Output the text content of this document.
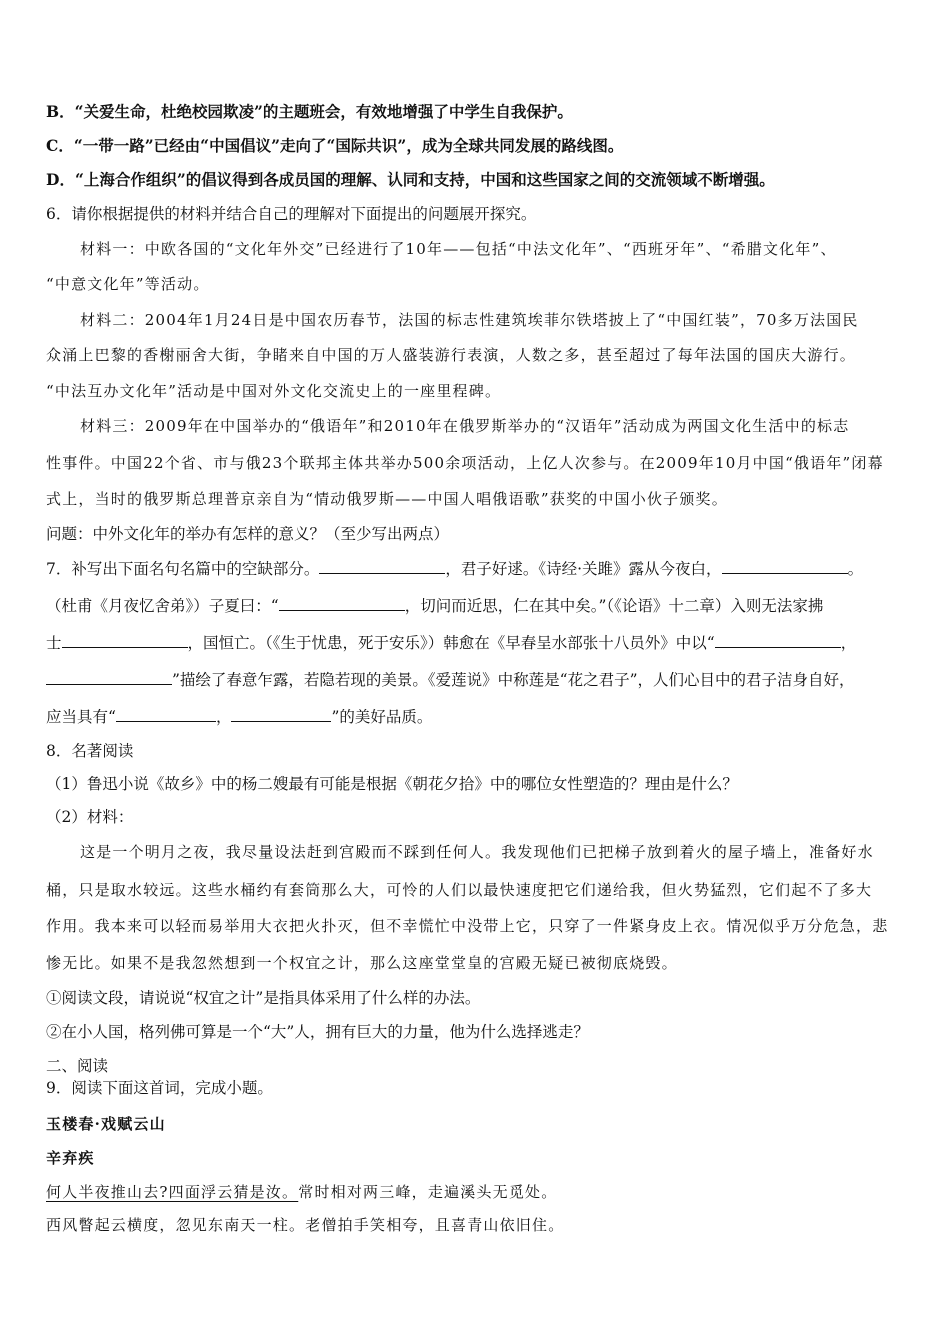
B．“关爱生命，杜绝校园欺凌”的主题班会，有效地增强了中学生自我保护。
C．“一带一路”已经由“中国倡议”走向了“国际共识”，成为全球共同发展的路线图。
D．“上海合作组织”的倡议得到各成员国的理解、认同和支持，中国和这些国家之间的交流领域不断增强。
6．请你根据提供的材料并结合自己的理解对下面提出的问题展开探究。
材料一：中欧各国的“文化年外交”已经进行了10年——包括“中法文化年”、“西班牙年”、“希腊文化年”、
“中意文化年”等活动。
材料二：2004年1月24日是中国农历春节，法国的标志性建筑埃菲尔铁塔披上了“中国红装”，70多万法国民
众涌上巴黎的香榭丽舍大街，争睹来自中国的万人盛装游行表演，人数之多，甚至超过了每年法国的国庆大游行。
“中法互办文化年”活动是中国对外文化交流史上的一座里程碑。
材料三：2009年在中国举办的“俄语年”和2010年在俄罗斯举办的“汉语年”活动成为两国文化生活中的标志
性事件。中国22个省、市与俄23个联邦主体共举办500余项活动，上亿人次参与。在2009年10月中国“俄语年”闭幕
式上，当时的俄罗斯总理普京亲自为“情动俄罗斯——中国人唱俄语歌”获奖的中国小伙子颁奖。
问题：中外文化年的举办有怎样的意义？（至少写出两点）
7．补写出下面名句名篇中的空缺部分。	，君子好逑。《诗经·关雎》露从今夜白，	。
（杜甫《月夜忆舍弟》）子夏曰：“	，切问而近思，仁在其中矣。”（《论语》十二章）入则无法家拂
士	，国恒亡。（《生于忧患，死于安乐》）韩愈在《早春呈水部张十八员外》中以“	，
”描绘了春意乍露，若隐若现的美景。《爱莲说》中称莲是“花之君子”，人们心目中的君子洁身自好，
应当具有“	，	”的美好品质。
8．名著阅读
（1）鲁迅小说《故乡》中的杨二嫂最有可能是根据《朝花夕拾》中的哪位女性塑造的？理由是什么？
（2）材料：
这是一个明月之夜，我尽量设法赶到宫殿而不踩到任何人。我发现他们已把梯子放到着火的屋子墙上，准备好水
桶，只是取水较远。这些水桶约有套筒那么大，可怜的人们以最快速度把它们递给我，但火势猛烈，它们起不了多大
作用。我本来可以轻而易举用大衣把火扑灭，但不幸慌忙中没带上它，只穿了一件紧身皮上衣。情况似乎万分危急，悲
惨无比。如果不是我忽然想到一个权宜之计，那么这座堂堂皇的宫殿无疑已被彻底烧毁。
①阅读文段，请说说“权宜之计”是指具体采用了什么样的办法。
②在小人国，格列佛可算是一个“大”人，拥有巨大的力量，他为什么选择逃走？
二、阅读
9．阅读下面这首词，完成小题。
玉楼春·戏赋云山
辛弃疾
何人半夜推山去?四面浮云猜是汝。常时相对两三峰，走遍溪头无觅处。
西风瞥起云横度，忽见东南天一柱。老僧拍手笑相夸，且喜青山依旧住。
